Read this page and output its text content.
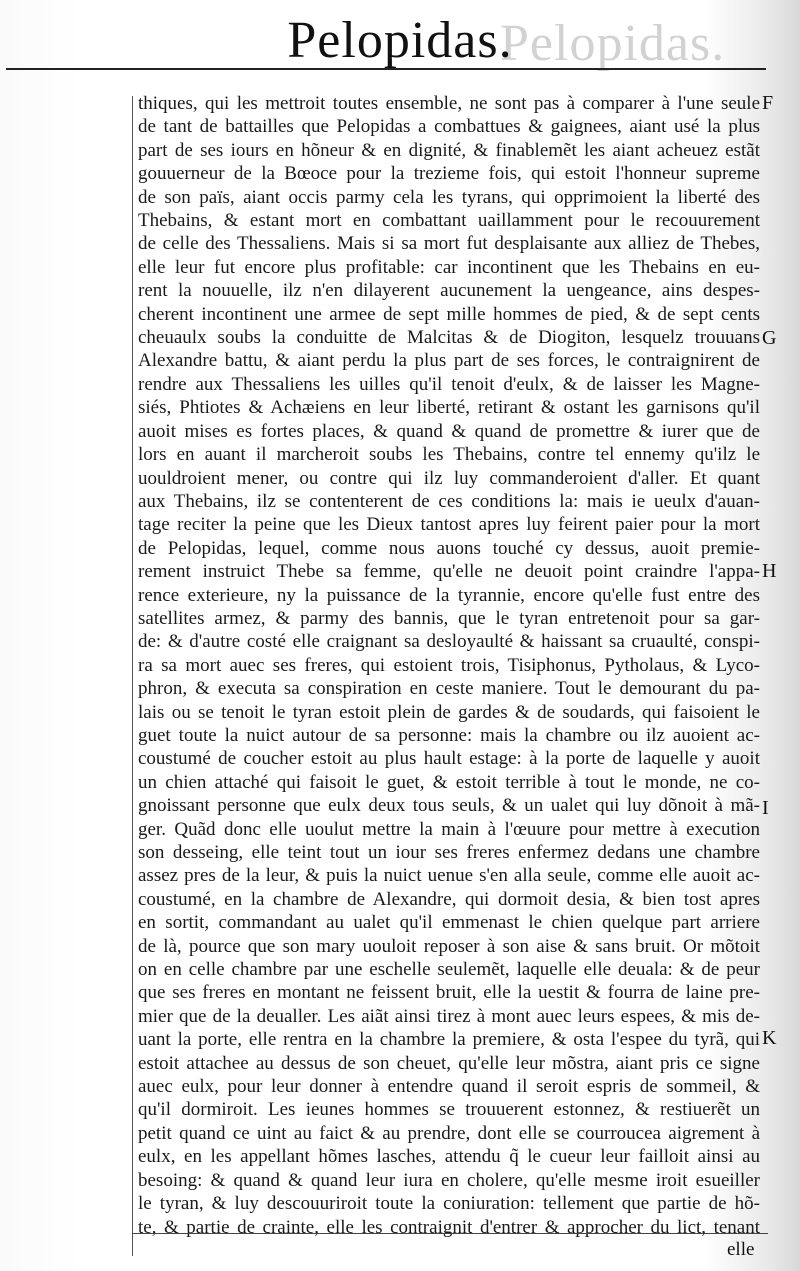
Pelopidas.
Pelopidas.
thiques, qui les mettroit toutes ensemble, ne sont pas à comparer à l'une seule
de tant de battailles que Pelopidas a combattues & gaignees, aiant usé la plus
part de ses iours en hõneur & en dignité, & finablemẽt les aiant acheuez estãt
gouuerneur de la Bœoce pour la trezieme fois, qui estoit l'honneur supreme
de son païs, aiant occis parmy cela les tyrans, qui opprimoient la liberté des
Thebains, & estant mort en combattant uaillamment pour le recouurement
de celle des Thessaliens. Mais si sa mort fut desplaisante aux alliez de Thebes,
elle leur fut encore plus profitable: car incontinent que les Thebains en eu-
rent la nouuelle, ilz n'en dilayerent aucunement la uengeance, ains despes-
cherent incontinent une armee de sept mille hommes de pied, & de sept cents
cheuaulx soubs la conduitte de Malcitas & de Diogiton, lesquelz trouuans
Alexandre battu, & aiant perdu la plus part de ses forces, le contraignirent de
rendre aux Thessaliens les uilles qu'il tenoit d'eulx, & de laisser les Magne-
siés, Phtiotes & Achæiens en leur liberté, retirant & ostant les garnisons qu'il
auoit mises es fortes places, & quand & quand de promettre & iurer que de
lors en auant il marcheroit soubs les Thebains, contre tel ennemy qu'ilz le
uouldroient mener, ou contre qui ilz luy commanderoient d'aller. Et quant
aux Thebains, ilz se contenterent de ces conditions la: mais ie ueulx d'auan-
tage reciter la peine que les Dieux tantost apres luy feirent paier pour la mort
de Pelopidas, lequel, comme nous auons touché cy dessus, auoit premie-
rement instruict Thebe sa femme, qu'elle ne deuoit point craindre l'appa-
rence exterieure, ny la puissance de la tyrannie, encore qu'elle fust entre des
satellites armez, & parmy des bannis, que le tyran entretenoit pour sa gar-
de: & d'autre costé elle craignant sa desloyaulté & haissant sa cruaulté, conspi-
ra sa mort auec ses freres, qui estoient trois, Tisiphonus, Pytholaus, & Lyco-
phron, & executa sa conspiration en ceste maniere. Tout le demourant du pa-
lais ou se tenoit le tyran estoit plein de gardes & de soudards, qui faisoient le
guet toute la nuict autour de sa personne: mais la chambre ou ilz auoient ac-
coustumé de coucher estoit au plus hault estage: à la porte de laquelle y auoit
un chien attaché qui faisoit le guet, & estoit terrible à tout le monde, ne co-
gnoissant personne que eulx deux tous seuls, & un ualet qui luy dõnoit à mã-
ger. Quãd donc elle uoulut mettre la main à l'œuure pour mettre à execution
son desseing, elle teint tout un iour ses freres enfermez dedans une chambre
assez pres de la leur, & puis la nuict uenue s'en alla seule, comme elle auoit ac-
coustumé, en la chambre de Alexandre, qui dormoit desia, & bien tost apres
en sortit, commandant au ualet qu'il emmenast le chien quelque part arriere
de là, pource que son mary uouloit reposer à son aise & sans bruit. Or mõtoit
on en celle chambre par une eschelle seulemẽt, laquelle elle deuala: & de peur
que ses freres en montant ne feissent bruit, elle la uestit & fourra de laine pre-
mier que de la deualler. Les aiãt ainsi tirez à mont auec leurs espees, & mis de-
uant la porte, elle rentra en la chambre la premiere, & osta l'espee du tyrã, qui
estoit attachee au dessus de son cheuet, qu'elle leur mõstra, aiant pris ce signe
auec eulx, pour leur donner à entendre quand il seroit espris de sommeil, &
qu'il dormiroit. Les ieunes hommes se trouuerent estonnez, & restiuerẽt un
petit quand ce uint au faict & au prendre, dont elle se courroucea aigrement à
eulx, en les appellant hõmes lasches, attendu q̃ le cueur leur failloit ainsi au
besoing: & quand & quand leur iura en cholere, qu'elle mesme iroit esueiller
le tyran, & luy descouuriroit toute la coniuration: tellement que partie de hõ-
te, & partie de crainte, elle les contraignit d'entrer & approcher du lict, tenant
F
G
H
I
K
elle
